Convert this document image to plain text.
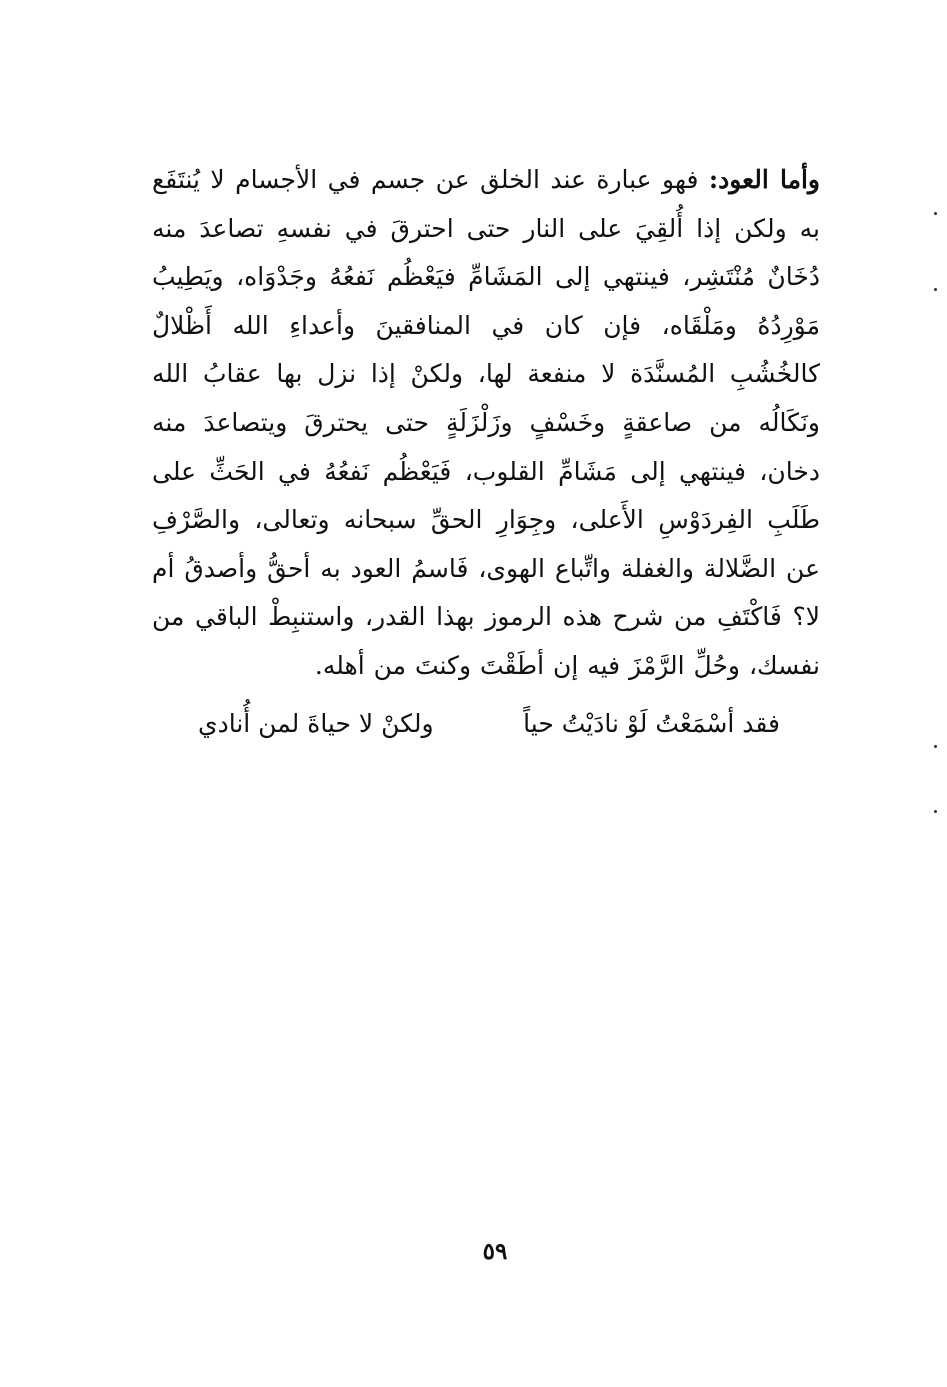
وأما العود: فهو عبارة عند الخلق عن جسم في الأجسام لا يُنتَفَع به ولكن إذا أُلقِيَ على النار حتى احترقَ في نفسهِ تصاعدَ منه دُخَانٌ مُنْتَشِر، فينتهي إلى المَشَامِّ فيَعْظُم نَفعُهُ وجَدْوَاه، ويَطِيبُ مَوْرِدُهُ ومَلْقَاه، فإن كان في المنافقينَ وأعداءِ الله أَظْلالٌ كالخُشُبِ المُسنَّدَة لا منفعة لها، ولكنْ إذا نزل بها عقابُ الله ونَكَالُه من صاعقةٍ وخَسْفٍ وزَلْزَلَةٍ حتى يحترقَ ويتصاعدَ منه دخان، فينتهي إلى مَشَامِّ القلوب، فَيَعْظُم نَفعُهُ في الحَثِّ على طَلَبِ الفِردَوْسِ الأَعلى، وجِوَارِ الحقِّ سبحانه وتعالى، والصَّرْفِ عن الضَّلالة والغفلة واتِّباع الهوى، فَاسمُ العود به أحقُّ وأصدقُ أم لا؟ فَاكْتَفِ من شرح هذه الرموز بهذا القدر، واستنبِطْ الباقي من نفسك، وحُلِّ الرَّمْزَ فيه إن أطَقْتَ وكنتَ من أهله.
فقد أسْمَعْتُ لَوْ نادَيْتُ حياً
ولكنْ لا حياةَ لمن أُنادي
٥٩
